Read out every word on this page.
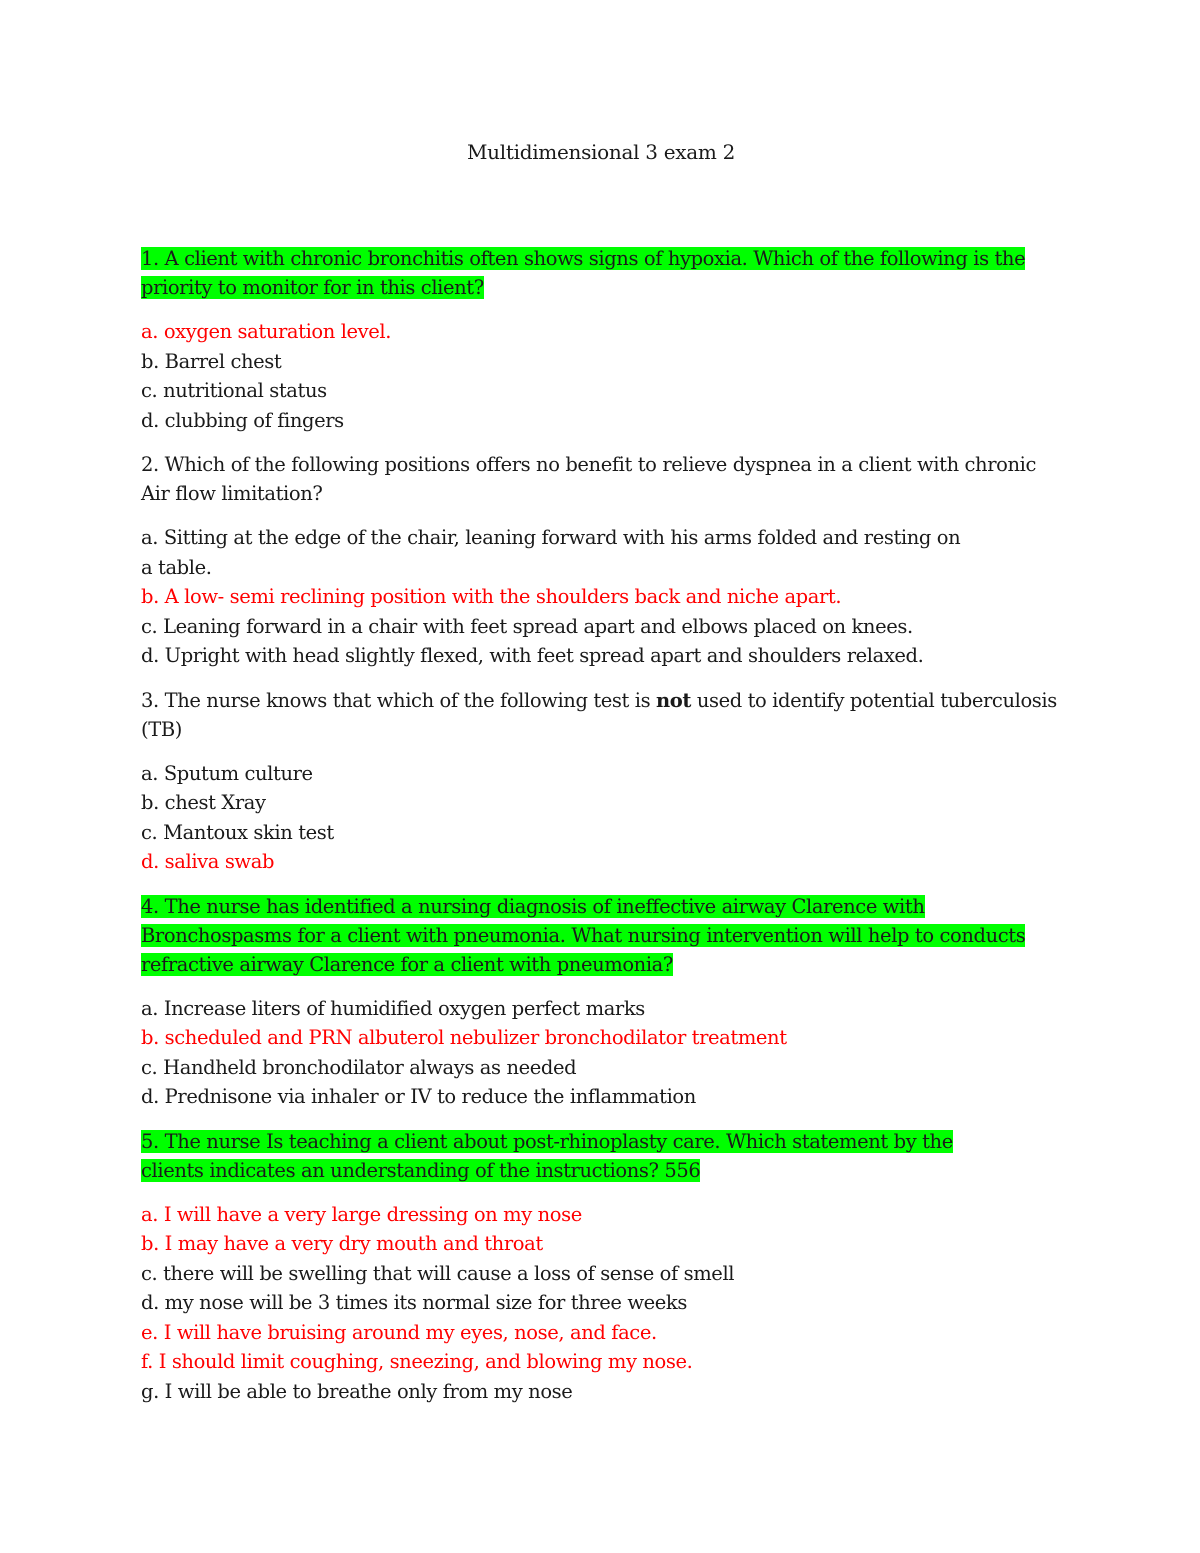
Multidimensional 3 exam 2
1. A client with chronic bronchitis often shows signs of hypoxia. Which of the following is the priority to monitor for in this client?
a. oxygen saturation level.
b. Barrel chest
c. nutritional status
d. clubbing of fingers
2. Which of the following positions offers no benefit to relieve dyspnea in a client with chronic Air flow limitation?
a. Sitting at the edge of the chair, leaning forward with his arms folded and resting on a table.
b. A low- semi reclining position with the shoulders back and niche apart.
c. Leaning forward in a chair with feet spread apart and elbows placed on knees.
d. Upright with head slightly flexed, with feet spread apart and shoulders relaxed.
3. The nurse knows that which of the following test is not used to identify potential tuberculosis (TB)
a. Sputum culture
b. chest Xray
c. Mantoux skin test
d. saliva swab
4. The nurse has identified a nursing diagnosis of ineffective airway Clarence with Bronchospasms for a client with pneumonia. What nursing intervention will help to conducts refractive airway Clarence for a client with pneumonia?
a. Increase liters of humidified oxygen perfect marks
b. scheduled and PRN albuterol nebulizer bronchodilator treatment
c. Handheld bronchodilator always as needed
d. Prednisone via inhaler or IV to reduce the inflammation
5. The nurse Is teaching a client about post-rhinoplasty care. Which statement by the clients indicates an understanding of the instructions? 556
a. I will have a very large dressing on my nose
b. I may have a very dry mouth and throat
c. there will be swelling that will cause a loss of sense of smell
d. my nose will be 3 times its normal size for three weeks
e. I will have bruising around my eyes, nose, and face.
f. I should limit coughing, sneezing, and blowing my nose.
g. I will be able to breathe only from my nose
